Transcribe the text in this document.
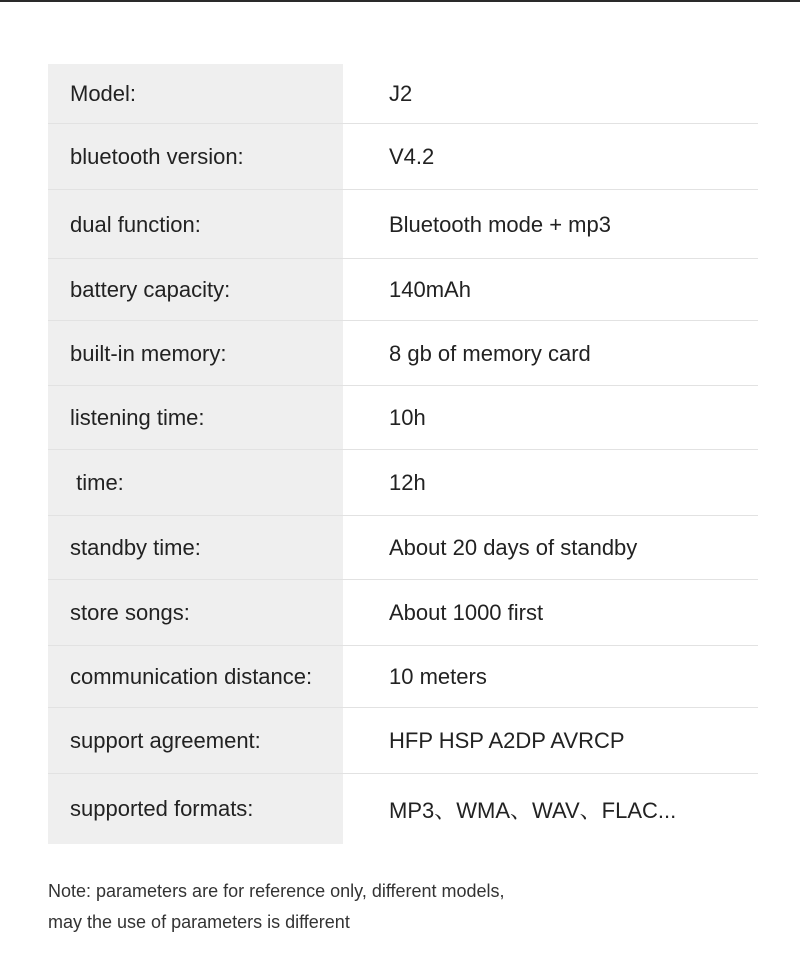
Model:	J2
bluetooth version:	V4.2
dual function:	Bluetooth mode + mp3
battery capacity:	140mAh
built-in memory:	8 gb of memory card
listening time:	10h
time:	12h
standby time:	About 20 days of standby
store songs:	About 1000 first
communication distance:	10 meters
support agreement:	HFP HSP A2DP AVRCP
supported formats:	MP3、WMA、WAV、FLAC...
Note: parameters are for reference only, different models,
may the use of parameters is different
